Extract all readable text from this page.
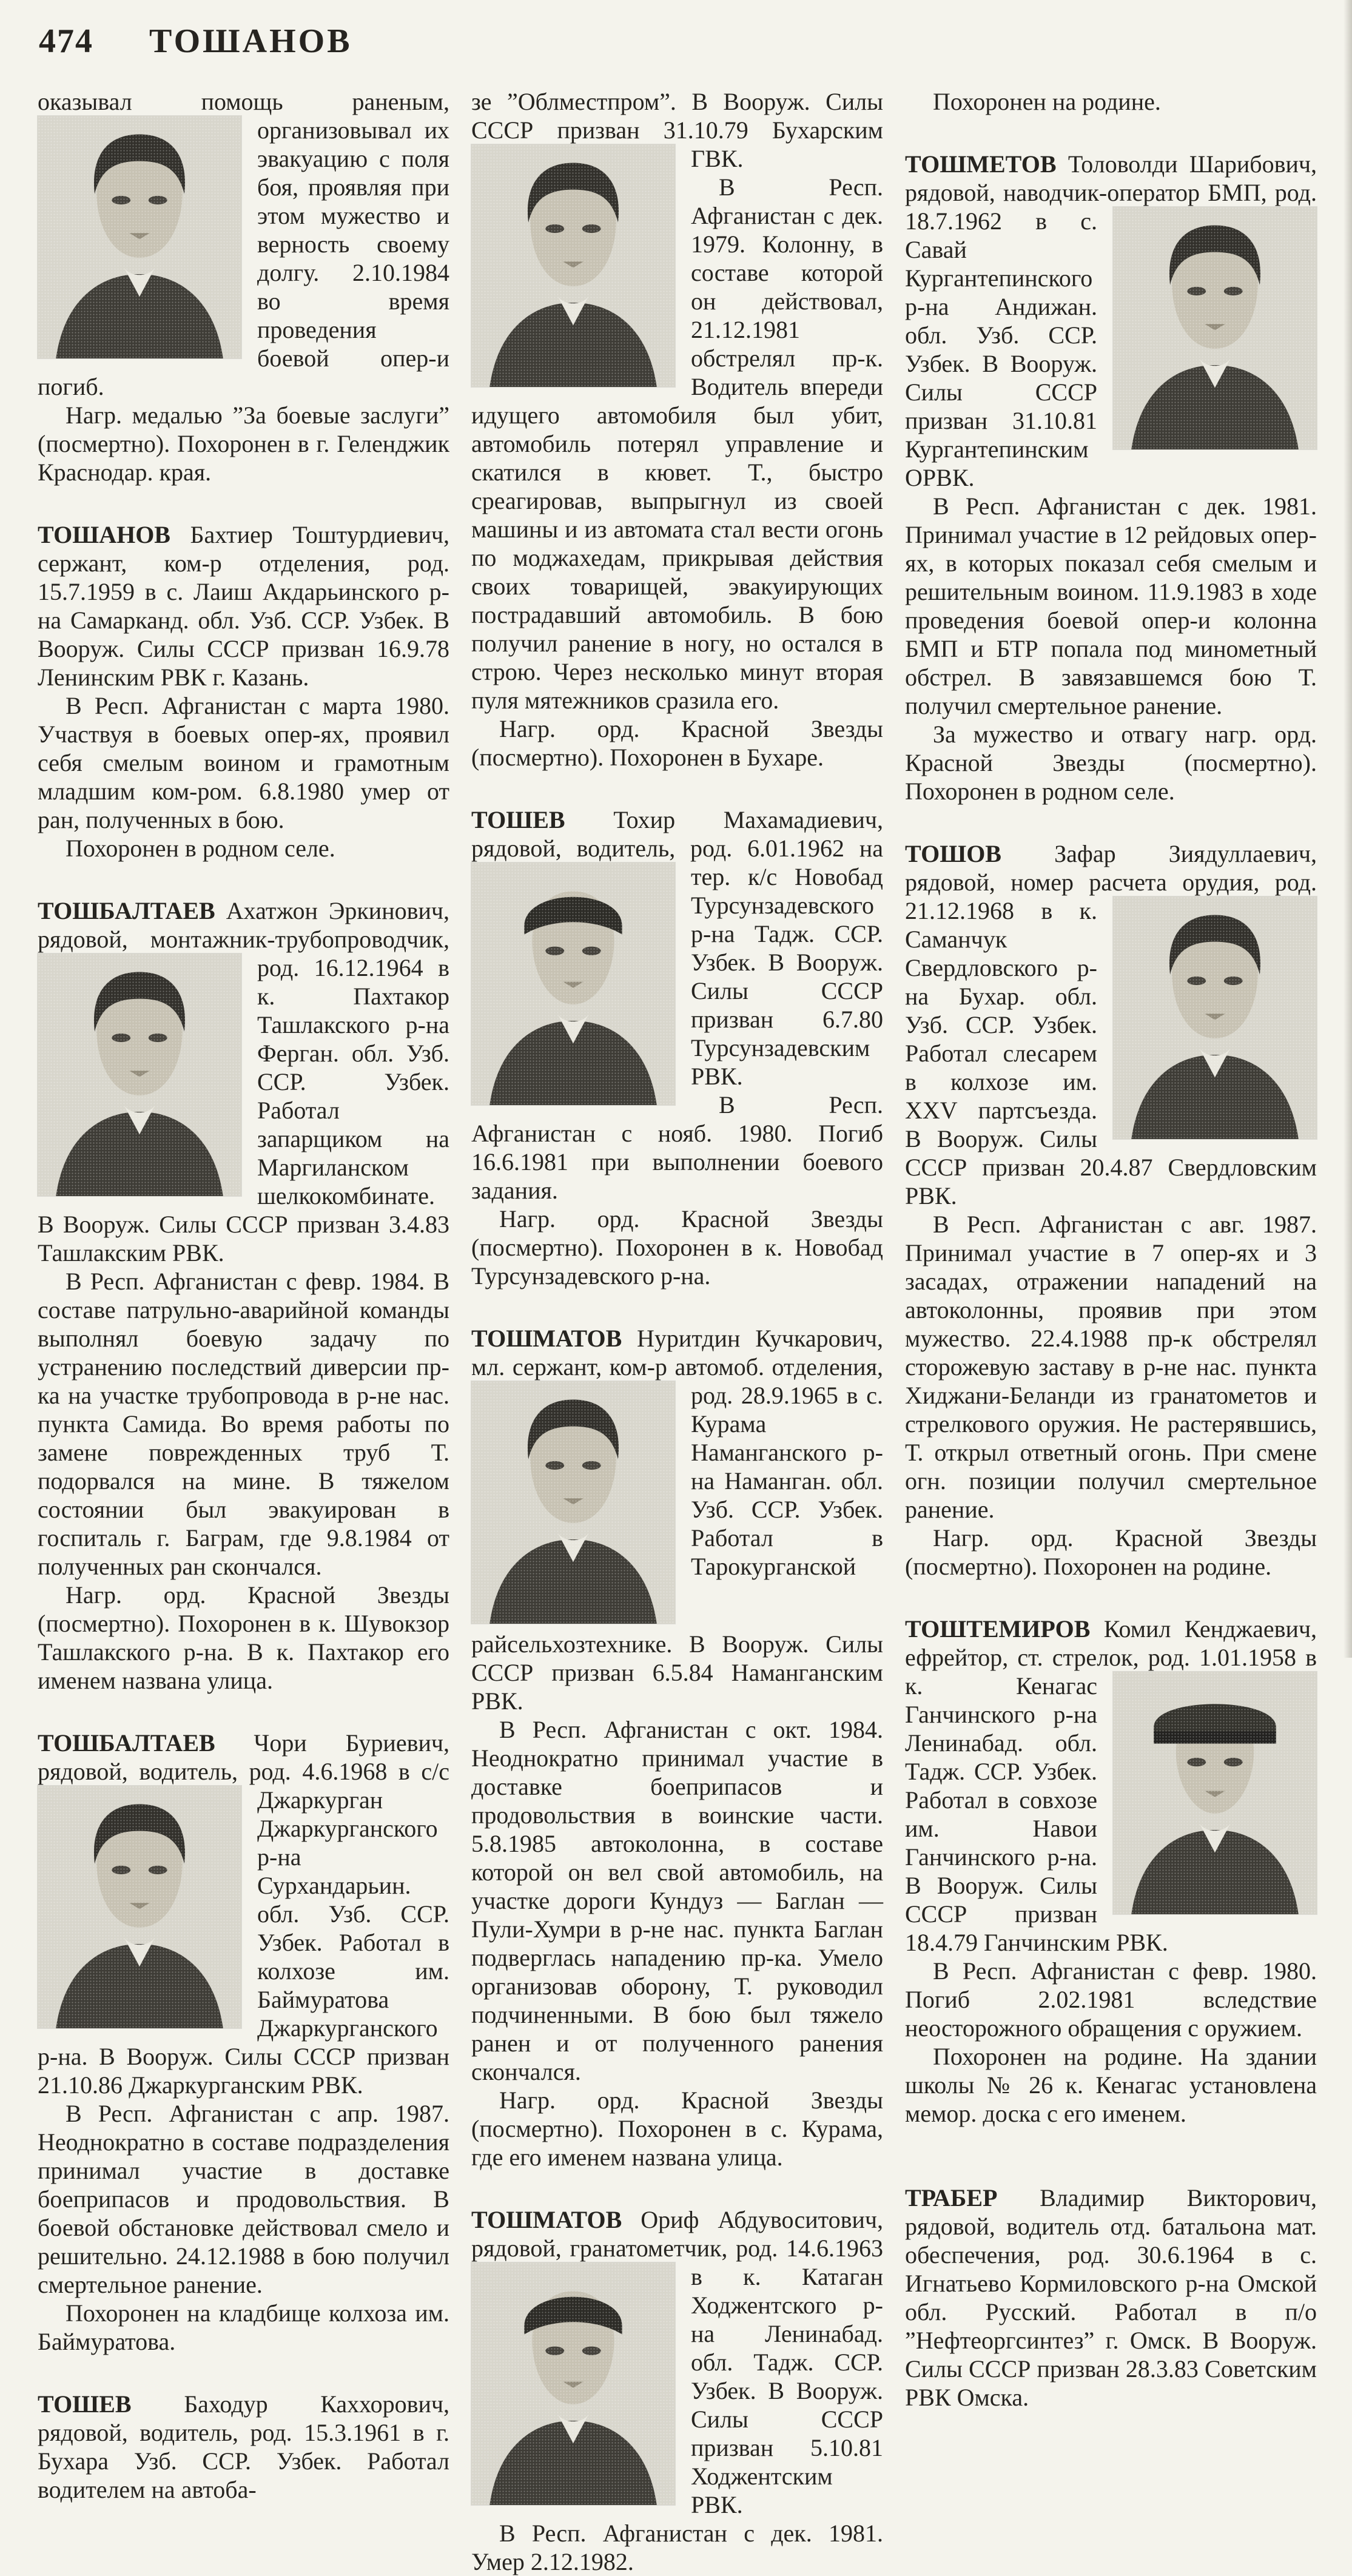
474 ТОШАНОВ

оказывал помощь раненым, организовывал их эвакуацию с поля боя, проявляя при этом мужество и верность своему долгу. 2.10.1984 во время проведения боевой опер-и погиб.

Нагр. медалью ”За боевые заслуги” (посмертно). Похоронен в г. Геленджик Краснодар. края.

ТОШАНОВ Бахтиер Тоштурдиевич, сержант, ком-р отделения, род. 15.7.1959 в с. Лаиш Акдарьинского р-на Самарканд. обл. Узб. ССР. Узбек. В Вооруж. Силы СССР призван 16.9.78 Ленинским РВК г. Казань.

В Респ. Афганистан с марта 1980. Участвуя в боевых опер-ях, проявил себя смелым воином и грамотным младшим ком-ром. 6.8.1980 умер от ран, полученных в бою.

Похоронен в родном селе.

ТОШБАЛТАЕВ Ахатжон Эркинович, рядовой, монтажник-трубопроводчик, род. 16.12.1964 в к. Пахтакор Ташлакского р-на Ферган. обл. Узб. ССР. Узбек. Работал запарщиком на Маргиланском шелкокомбинате. В Вооруж. Силы СССР призван 3.4.83 Ташлакским РВК.

В Респ. Афганистан с февр. 1984. В составе патрульно-аварийной команды выполнял боевую задачу по устранению последствий диверсии пр-ка на участке трубопровода в р-не нас. пункта Самида. Во время работы по замене поврежденных труб Т. подорвался на мине. В тяжелом состоянии был эвакуирован в госпиталь г. Баграм, где 9.8.1984 от полученных ран скончался.

Нагр. орд. Красной Звезды (посмертно). Похоронен в к. Шувокзор Ташлакского р-на. В к. Пахтакор его именем названа улица.

ТОШБАЛТАЕВ Чори Буриевич, рядовой, водитель, род. 4.6.1968 в с/с Джаркурган Джаркурганского р-на Сурхандарьин. обл. Узб. ССР. Узбек. Работал в колхозе им. Баймуратова Джаркурганского р-на. В Вооруж. Силы СССР призван 21.10.86 Джаркурганским РВК.

В Респ. Афганистан с апр. 1987. Неоднократно в составе подразделения принимал участие в доставке боеприпасов и продовольствия. В боевой обстановке действовал смело и решительно. 24.12.1988 в бою получил смертельное ранение.

Похоронен на кладбище колхоза им. Баймуратова.

ТОШЕВ Баходур Каххорович, рядовой, водитель, род. 15.3.1961 в г. Бухара Узб. ССР. Узбек. Работал водителем на автоба-

зе ”Облместпром”. В Вооруж. Силы СССР призван 31.10.79 Бухарским ГВК.

В Респ. Афганистан с дек. 1979. Колонну, в составе которой он действовал, 21.12.1981 обстрелял пр-к. Водитель впереди идущего автомобиля был убит, автомобиль потерял управление и скатился в кювет. Т., быстро среагировав, выпрыгнул из своей машины и из автомата стал вести огонь по моджахедам, прикрывая действия своих товарищей, эвакуирующих пострадавший автомобиль. В бою получил ранение в ногу, но остался в строю. Через несколько минут вторая пуля мятежников сразила его.

Нагр. орд. Красной Звезды (посмертно). Похоронен в Бухаре.

ТОШЕВ Тохир Махамадиевич, рядовой, водитель, род. 6.01.1962 на тер. к/с Новобад Турсунзадевского р-на Тадж. ССР. Узбек. В Вооруж. Силы СССР призван 6.7.80 Турсунзадевским РВК.

В Респ. Афганистан с нояб. 1980. Погиб 16.6.1981 при выполнении боевого задания.

Нагр. орд. Красной Звезды (посмертно). Похоронен в к. Новобад Турсунзадевского р-на.

ТОШМАТОВ Нуритдин Кучкарович, мл. сержант, ком-р автомоб. отделения, род. 28.9.1965 в с. Курама Наманганского р-на Наманган. обл. Узб. ССР. Узбек. Работал в Тарокурганской райсельхозтехнике. В Вооруж. Силы СССР призван 6.5.84 Наманганским РВК.

В Респ. Афганистан с окт. 1984. Неоднократно принимал участие в доставке боеприпасов и продовольствия в воинские части. 5.8.1985 автоколонна, в составе которой он вел свой автомобиль, на участке дороги Кундуз — Баглан — Пули-Хумри в р-не нас. пункта Баглан подверглась нападению пр-ка. Умело организовав оборону, Т. руководил подчиненными. В бою был тяжело ранен и от полученного ранения скончался.

Нагр. орд. Красной Звезды (посмертно). Похоронен в с. Курама, где его именем названа улица.

ТОШМАТОВ Ориф Абдувоситович, рядовой, гранатометчик, род. 14.6.1963 в к. Катаган Ходжентского р-на Ленинабад. обл. Тадж. ССР. Узбек. В Вооруж. Силы СССР призван 5.10.81 Ходжентским РВК.

В Респ. Афганистан с дек. 1981. Умер 2.12.1982.

Похоронен на родине.

ТОШМЕТОВ Толоволди Шарибович, рядовой, наводчик-оператор БМП, род. 18.7.1962 в с. Савай Кургантепинского р-на Андижан. обл. Узб. ССР. Узбек. В Вооруж. Силы СССР призван 31.10.81 Кургантепинским ОРВК.

В Респ. Афганистан с дек. 1981. Принимал участие в 12 рейдовых опер-ях, в которых показал себя смелым и решительным воином. 11.9.1983 в ходе проведения боевой опер-и колонна БМП и БТР попала под минометный обстрел. В завязавшемся бою Т. получил смертельное ранение.

За мужество и отвагу нагр. орд. Красной Звезды (посмертно). Похоронен в родном селе.

ТОШОВ Зафар Зиядуллаевич, рядовой, номер расчета орудия, род. 21.12.1968 в к. Саманчук Свердловского р-на Бухар. обл. Узб. ССР. Узбек. Работал слесарем в колхозе им. XXV партсъезда. В Вооруж. Силы СССР призван 20.4.87 Свердловским РВК.

В Респ. Афганистан с авг. 1987. Принимал участие в 7 опер-ях и 3 засадах, отражении нападений на автоколонны, проявив при этом мужество. 22.4.1988 пр-к обстрелял сторожевую заставу в р-не нас. пункта Хиджани-Беланди из гранатометов и стрелкового оружия. Не растерявшись, Т. открыл ответный огонь. При смене огн. позиции получил смертельное ранение.

Нагр. орд. Красной Звезды (посмертно). Похоронен на родине.

ТОШТЕМИРОВ Комил Кенджаевич, ефрейтор, ст. стрелок, род. 1.01.1958 в к. Кенагас Ганчинского р-на Ленинабад. обл. Тадж. ССР. Узбек. Работал в совхозе им. Навои Ганчинского р-на. В Вооруж. Силы СССР призван 18.4.79 Ганчинским РВК.

В Респ. Афганистан с февр. 1980. Погиб 2.02.1981 вследствие неосторожного обращения с оружием.

Похоронен на родине. На здании школы № 26 к. Кенагас установлена мемор. доска с его именем.

ТРАБЕР Владимир Викторович, рядовой, водитель отд. батальона мат. обеспечения, род. 30.6.1964 в с. Игнатьево Кормиловского р-на Омской обл. Русский. Работал в п/о ”Нефтеоргсинтез” г. Омск. В Вооруж. Силы СССР призван 28.3.83 Советским РВК Омска.
